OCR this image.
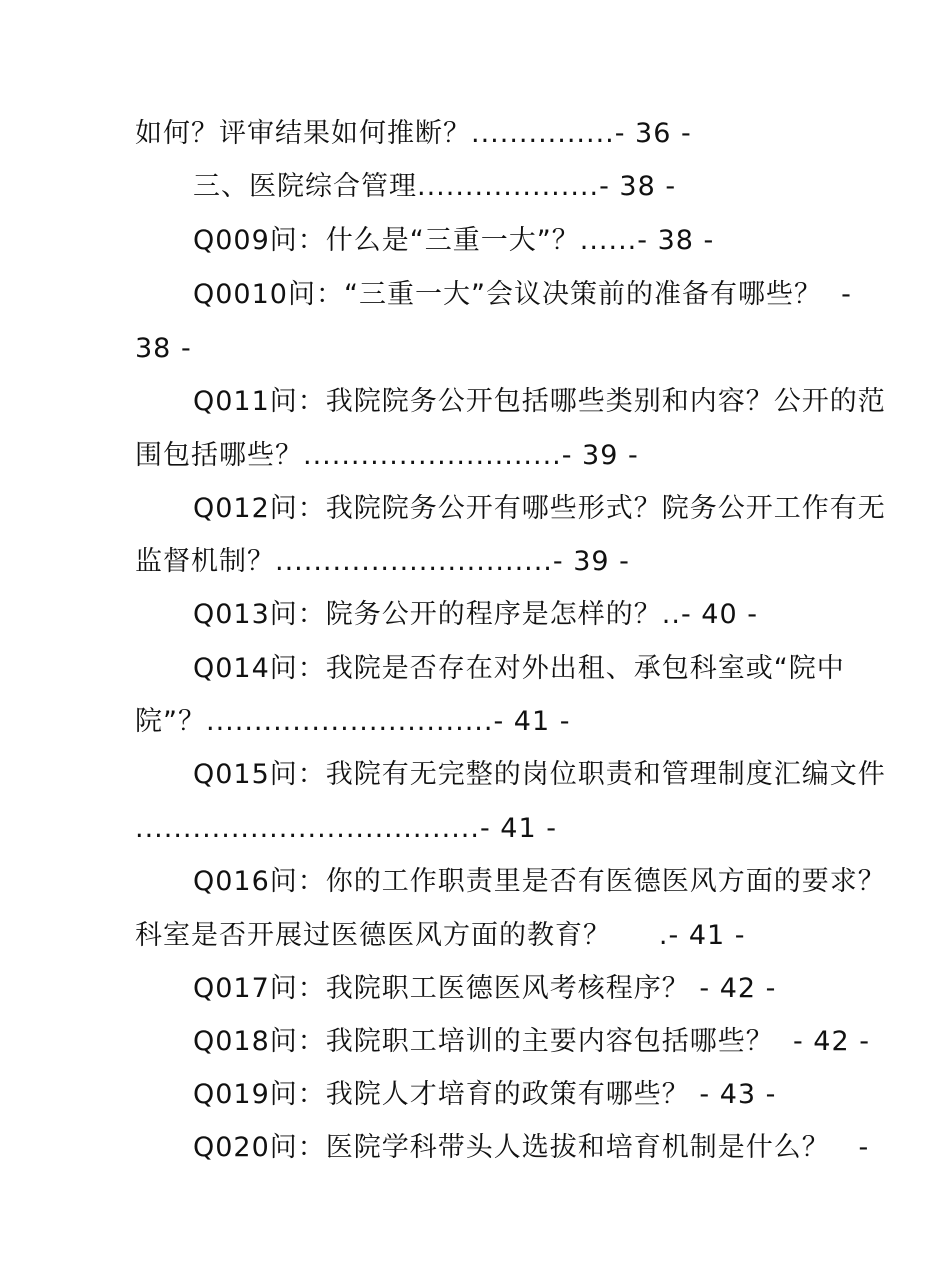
如何？评审结果如何推断？...............- 36 -
三、医院综合管理...................- 38 -
Q009问：什么是“三重一大”？......- 38 -
Q0010问：“三重一大”会议决策前的准备有哪些？  -
38 -
Q011问：我院院务公开包括哪些类别和内容？公开的范
围包括哪些？...........................- 39 -
Q012问：我院院务公开有哪些形式？院务公开工作有无
监督机制？.............................- 39 -
Q013问：院务公开的程序是怎样的？..- 40 -
Q014问：我院是否存在对外出租、承包科室或“院中
院”？..............................- 41 -
Q015问：我院有无完整的岗位职责和管理制度汇编文件
....................................- 41 -
Q016问：你的工作职责里是否有医德医风方面的要求？
科室是否开展过医德医风方面的教育？     .- 41 -
Q017问：我院职工医德医风考核程序？ - 42 -
Q018问：我院职工培训的主要内容包括哪些？  - 42 -
Q019问：我院人才培育的政策有哪些？ - 43 -
Q020问：医院学科带头人选拔和培育机制是什么？   -
